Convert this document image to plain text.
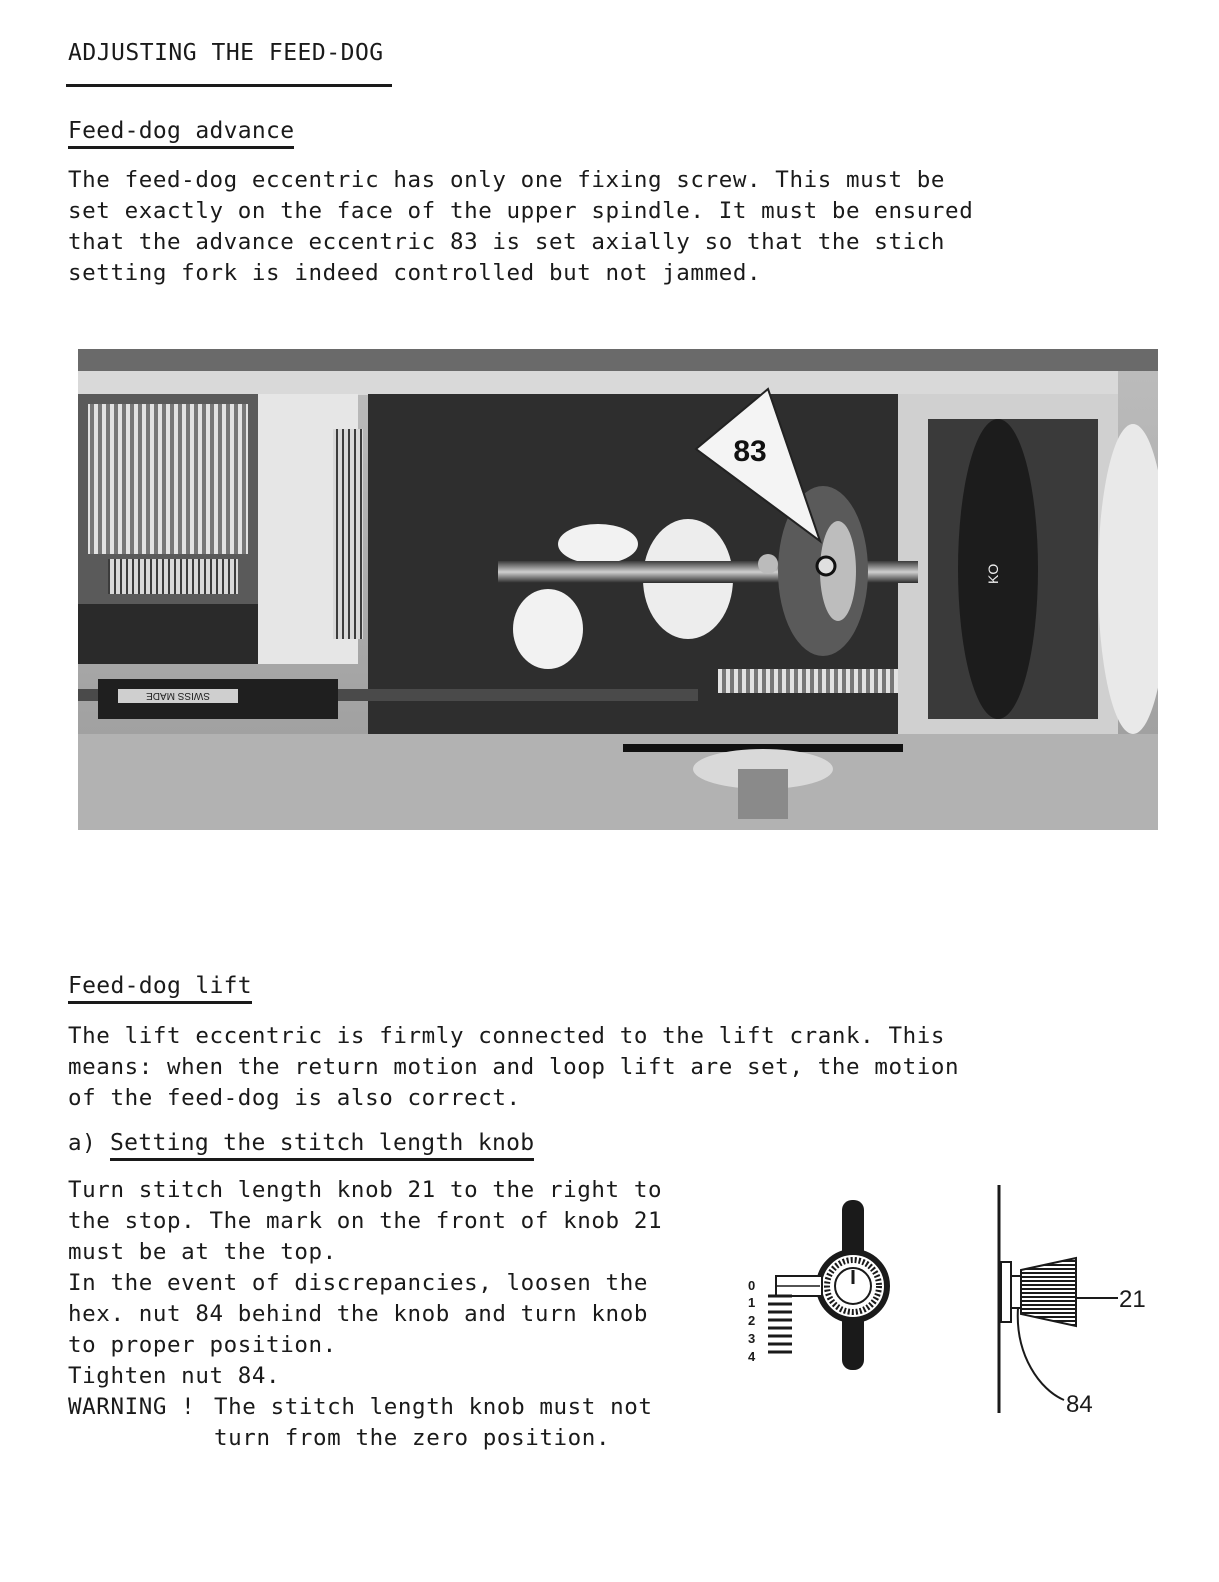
ADJUSTING THE FEED-DOG
Feed-dog advance
The feed-dog eccentric has only one fixing screw. This must be
set exactly on the face of the upper spindle. It must be ensured
that the advance eccentric 83 is set axially so that the stich
setting fork is indeed controlled but not jammed.
SWISS MADE
KO
83
Feed-dog lift
The lift eccentric is firmly connected to the lift crank. This
means: when the return motion and loop lift are set, the motion
of the feed-dog is also correct.
a) Setting the stitch length knob
Turn stitch length knob 21 to the right to
the stop. The mark on the front of knob 21
must be at the top.
In the event of discrepancies, loosen the
hex. nut 84 behind the knob and turn knob
to proper position.
Tighten nut 84.
WARNING ! The stitch length knob must not
turn from the zero position.
0
1
2
3
4
21
84
